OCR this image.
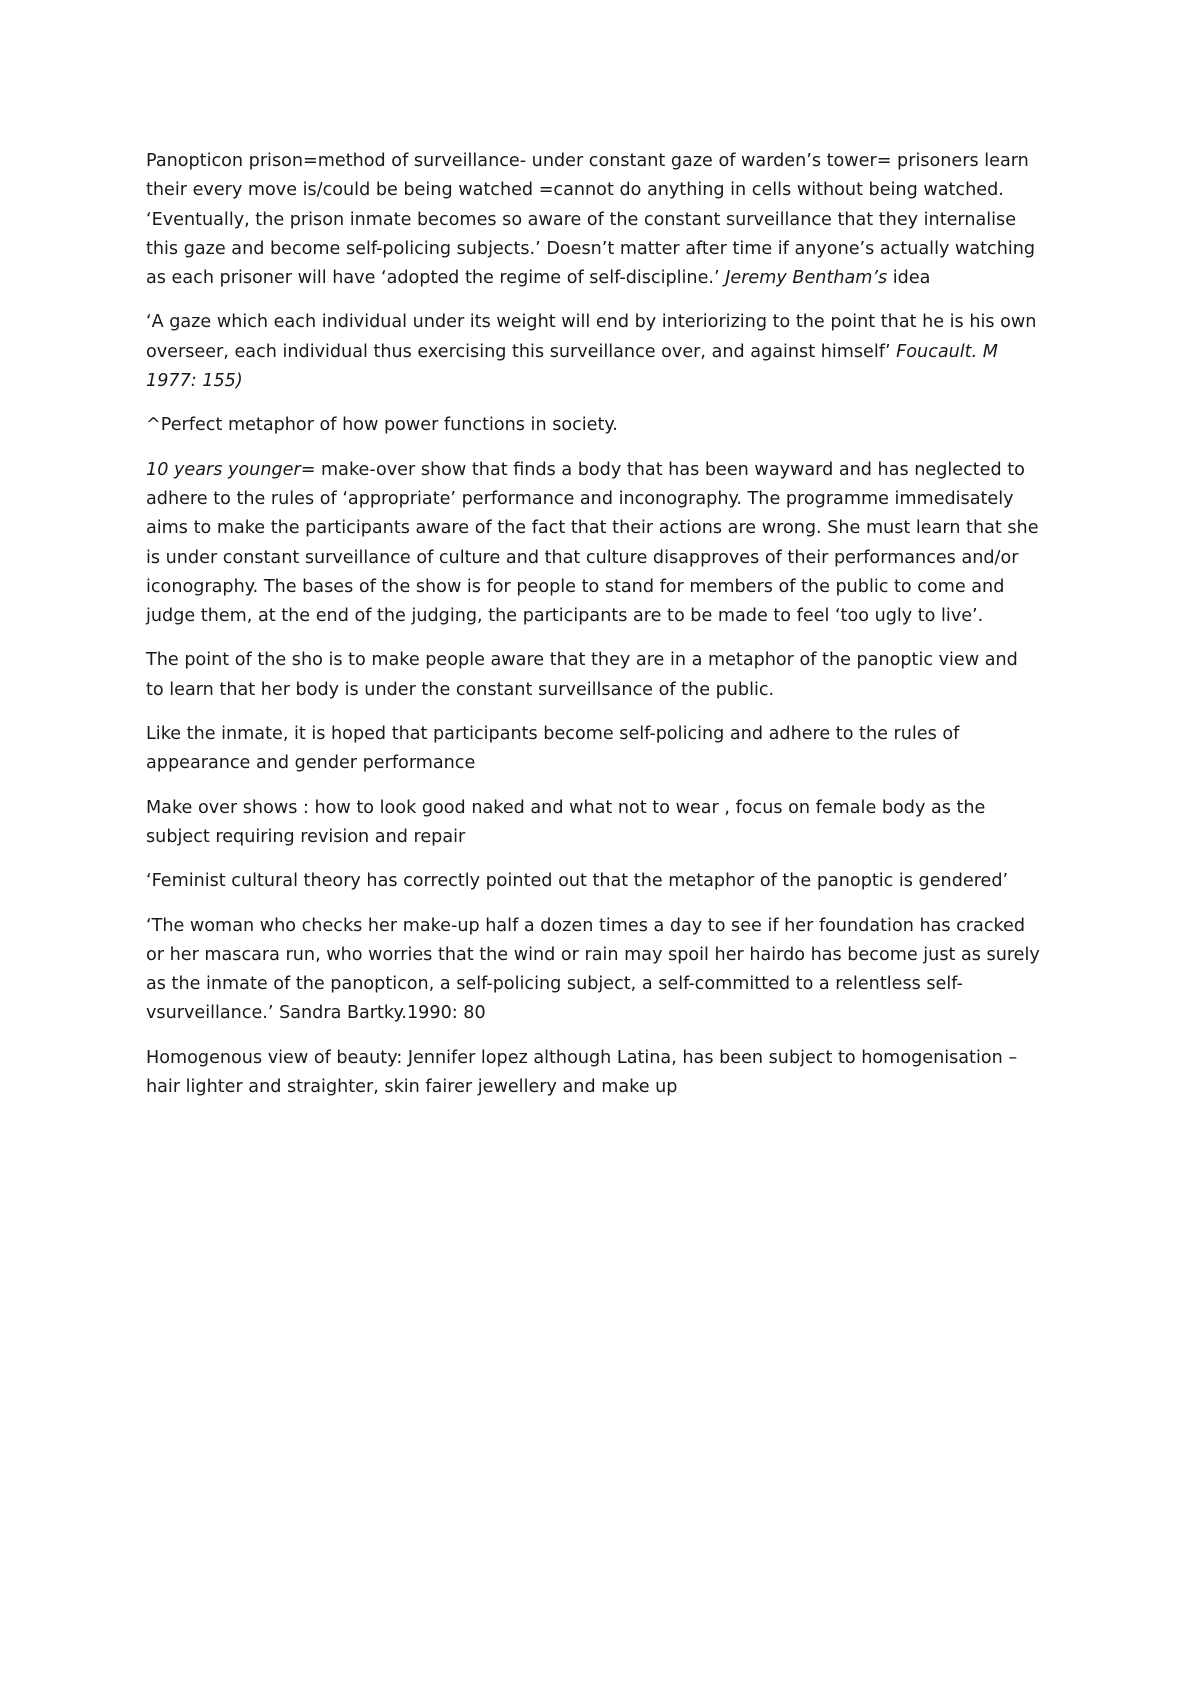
Panopticon prison=method of surveillance- under constant gaze of warden’s tower= prisoners learn
their every move is/could be being watched =cannot do anything in cells without being watched.
‘Eventually, the prison inmate becomes so aware of the constant surveillance that they internalise
this gaze and become self-policing subjects.’ Doesn’t matter after time if anyone’s actually watching
as each prisoner will have ‘adopted the regime of self-discipline.’ Jeremy Bentham’s idea

‘A gaze which each individual under its weight will end by interiorizing to the point that he is his own
overseer, each individual thus exercising this surveillance over, and against himself’ Foucault. M
1977: 155)

^Perfect metaphor of how power functions in society.

10 years younger= make-over show that finds a body that has been wayward and has neglected to
adhere to the rules of ‘appropriate’ performance and inconography. The programme immedisately
aims to make the participants aware of the fact that their actions are wrong. She must learn that she
is under constant surveillance of culture and that culture disapproves of their performances and/or
iconography. The bases of the show is for people to stand for members of the public to come and
judge them, at the end of the judging, the participants are to be made to feel ‘too ugly to live’.

The point of the sho is to make people aware that they are in a metaphor of the panoptic view and
to learn that her body is under the constant surveillsance of the public.

Like the inmate, it is hoped that participants become self-policing and adhere to the rules of
appearance and gender performance

Make over shows : how to look good naked and what not to wear , focus on female body as the
subject requiring revision and repair

‘Feminist cultural theory has correctly pointed out that the metaphor of the panoptic is gendered’

‘The woman who checks her make-up half a dozen times a day to see if her foundation has cracked
or her mascara run, who worries that the wind or rain may spoil her hairdo has become just as surely
as the inmate of the panopticon, a self-policing subject, a self-committed to a relentless self-
vsurveillance.’ Sandra Bartky.1990: 80

Homogenous view of beauty: Jennifer lopez although Latina, has been subject to homogenisation –
hair lighter and straighter, skin fairer jewellery and make up
